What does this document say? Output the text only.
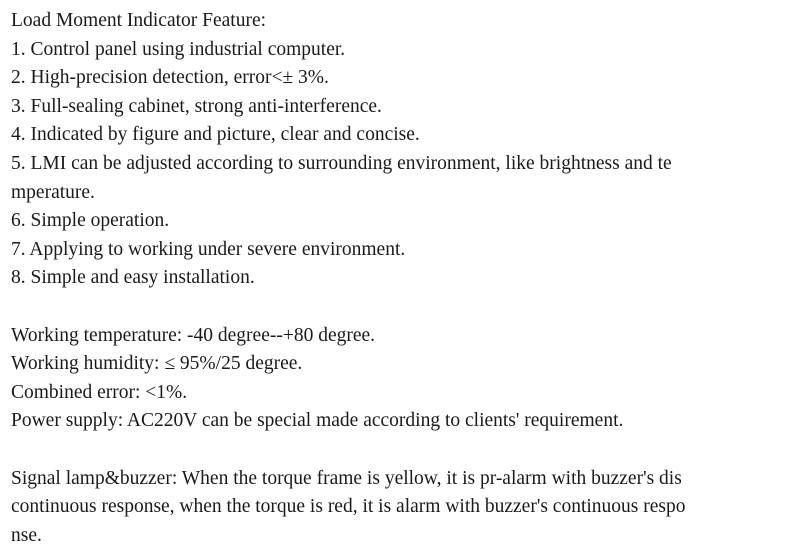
Load Moment Indicator Feature:
1. Control panel using industrial computer.
2. High-precision detection, error<± 3%.
3. Full-sealing cabinet, strong anti-interference.
4. Indicated by figure and picture, clear and concise.
5. LMI can be adjusted according to surrounding environment, like brightness and te
mperature.
6. Simple operation.
7. Applying to working under severe environment.
8. Simple and easy installation.
Working temperature: -40 degree--+80 degree.
Working humidity: ≤ 95%/25 degree.
Combined error: <1%.
Power supply: AC220V can be special made according to clients' requirement.
Signal lamp&buzzer: When the torque frame is yellow, it is pr-alarm with buzzer's dis
continuous response, when the torque is red, it is alarm with buzzer's continuous respo
nse.
